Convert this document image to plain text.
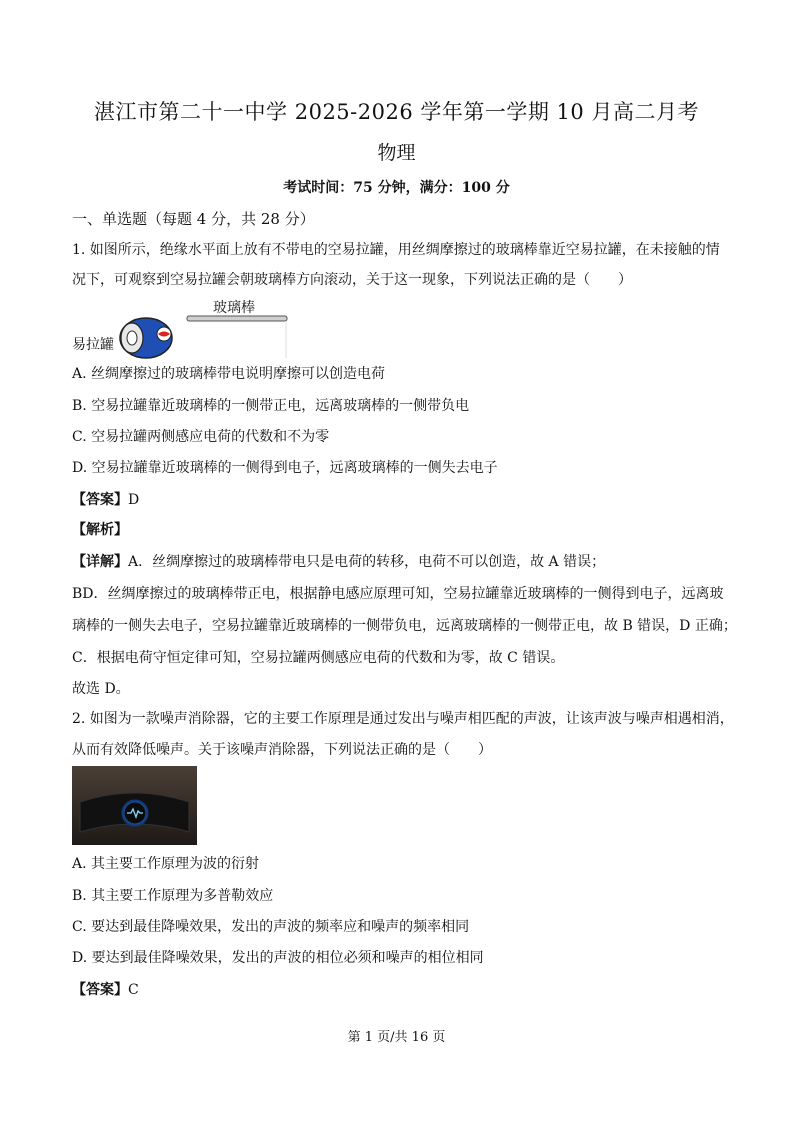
湛江市第二十一中学 2025-2026 学年第一学期 10 月高二月考
物理
考试时间：75 分钟，满分：100 分
一、单选题（每题 4 分，共 28 分）
1. 如图所示，绝缘水平面上放有不带电的空易拉罐，用丝绸摩擦过的玻璃棒靠近空易拉罐，在未接触的情
况下，可观察到空易拉罐会朝玻璃棒方向滚动，关于这一现象，下列说法正确的是（　　）
玻璃棒
易拉罐
A. 丝绸摩擦过的玻璃棒带电说明摩擦可以创造电荷
B. 空易拉罐靠近玻璃棒的一侧带正电，远离玻璃棒的一侧带负电
C. 空易拉罐两侧感应电荷的代数和不为零
D. 空易拉罐靠近玻璃棒的一侧得到电子，远离玻璃棒的一侧失去电子
【答案】D
【解析】
【详解】A．丝绸摩擦过的玻璃棒带电只是电荷的转移，电荷不可以创造，故 A 错误；
BD．丝绸摩擦过的玻璃棒带正电，根据静电感应原理可知，空易拉罐靠近玻璃棒的一侧得到电子，远离玻
璃棒的一侧失去电子，空易拉罐靠近玻璃棒的一侧带负电，远离玻璃棒的一侧带正电，故 B 错误，D 正确；
C．根据电荷守恒定律可知，空易拉罐两侧感应电荷的代数和为零，故 C 错误。
故选 D。
2. 如图为一款噪声消除器，它的主要工作原理是通过发出与噪声相匹配的声波，让该声波与噪声相遇相消，
从而有效降低噪声。关于该噪声消除器，下列说法正确的是（　　）
A. 其主要工作原理为波的衍射
B. 其主要工作原理为多普勒效应
C. 要达到最佳降噪效果，发出的声波的频率应和噪声的频率相同
D. 要达到最佳降噪效果，发出的声波的相位必须和噪声的相位相同
【答案】C
第 1 页/共 16 页
